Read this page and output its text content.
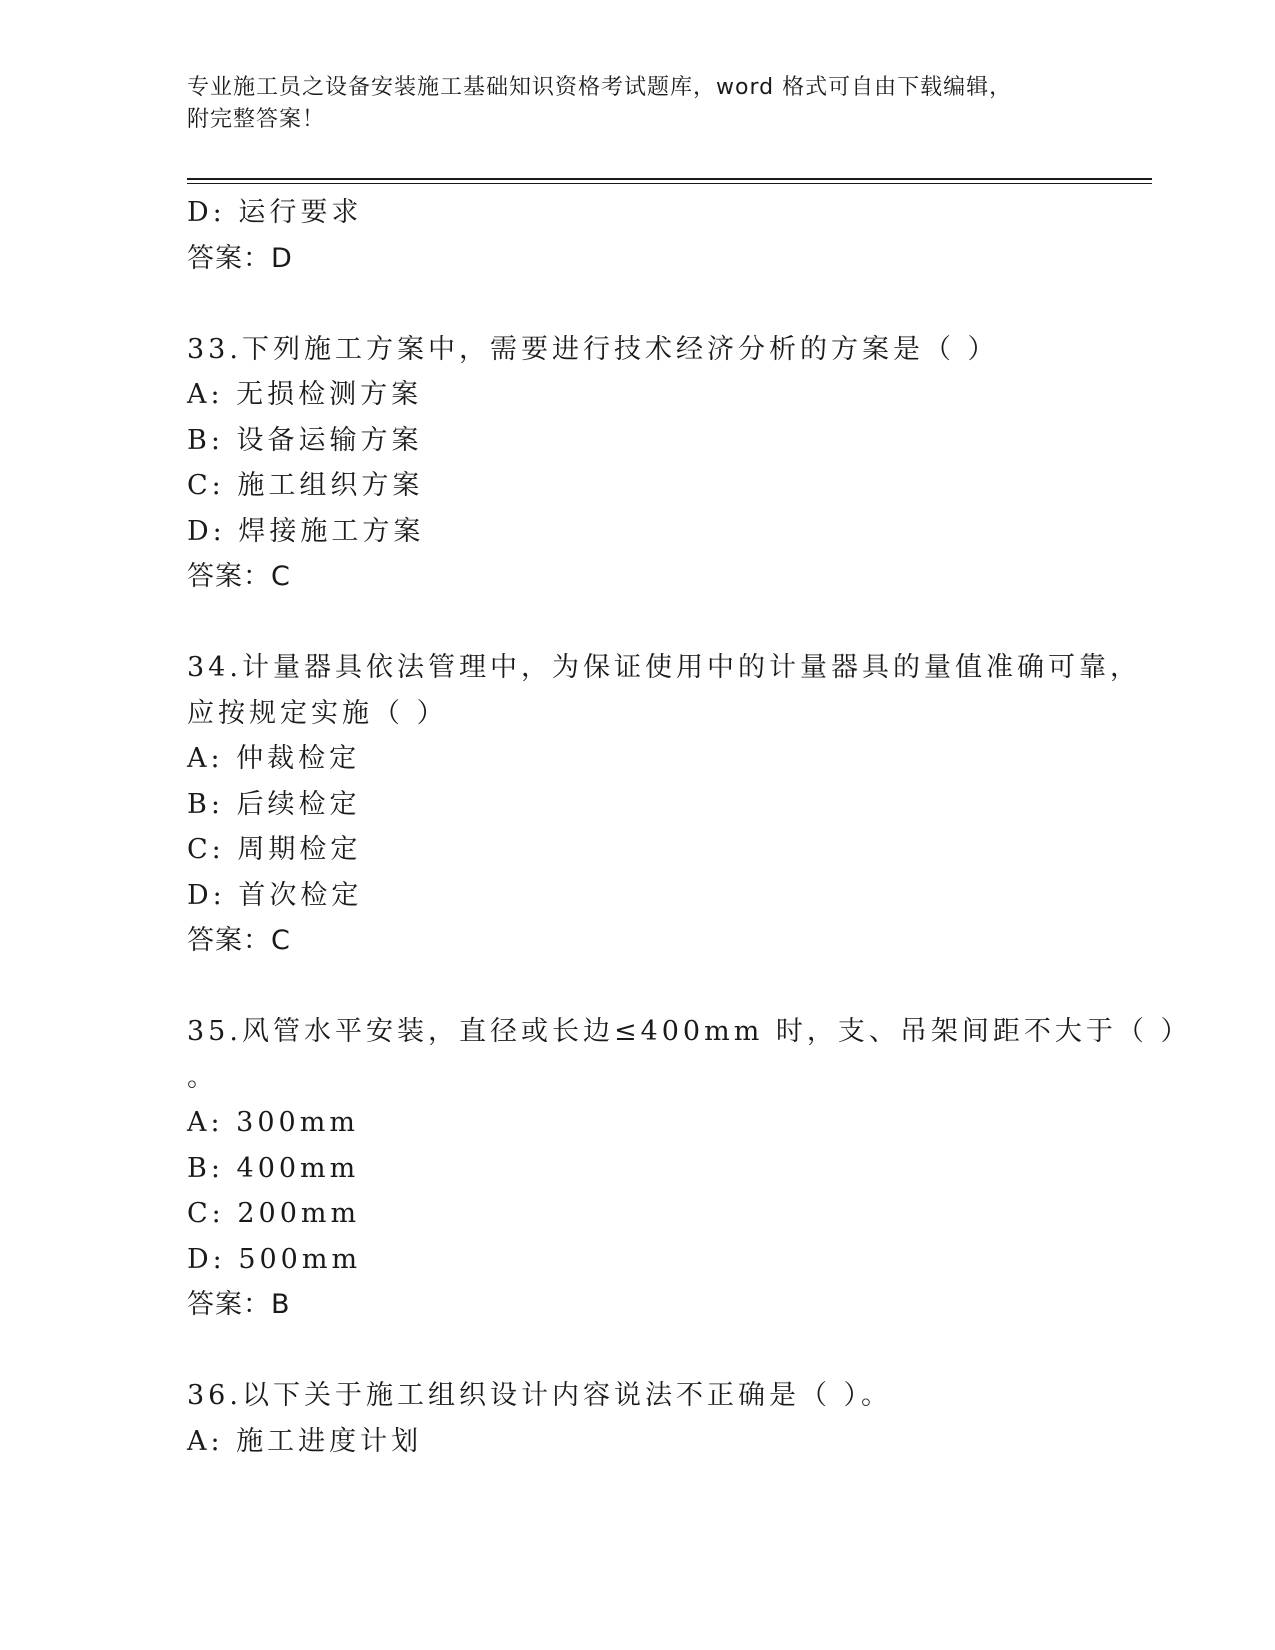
专业施工员之设备安装施工基础知识资格考试题库，word 格式可自由下载编辑，
附完整答案！
D: 运行要求
答案：D
33.下列施工方案中，需要进行技术经济分析的方案是（ ）
A: 无损检测方案
B: 设备运输方案
C: 施工组织方案
D: 焊接施工方案
答案：C
34.计量器具依法管理中，为保证使用中的计量器具的量值准确可靠，
应按规定实施（ ）
A: 仲裁检定
B: 后续检定
C: 周期检定
D: 首次检定
答案：C
35.风管水平安装，直径或长边≤400mm 时，支、吊架间距不大于（ ）
。
A: 300mm
B: 400mm
C: 200mm
D: 500mm
答案：B
36.以下关于施工组织设计内容说法不正确是（ ）。
A: 施工进度计划
